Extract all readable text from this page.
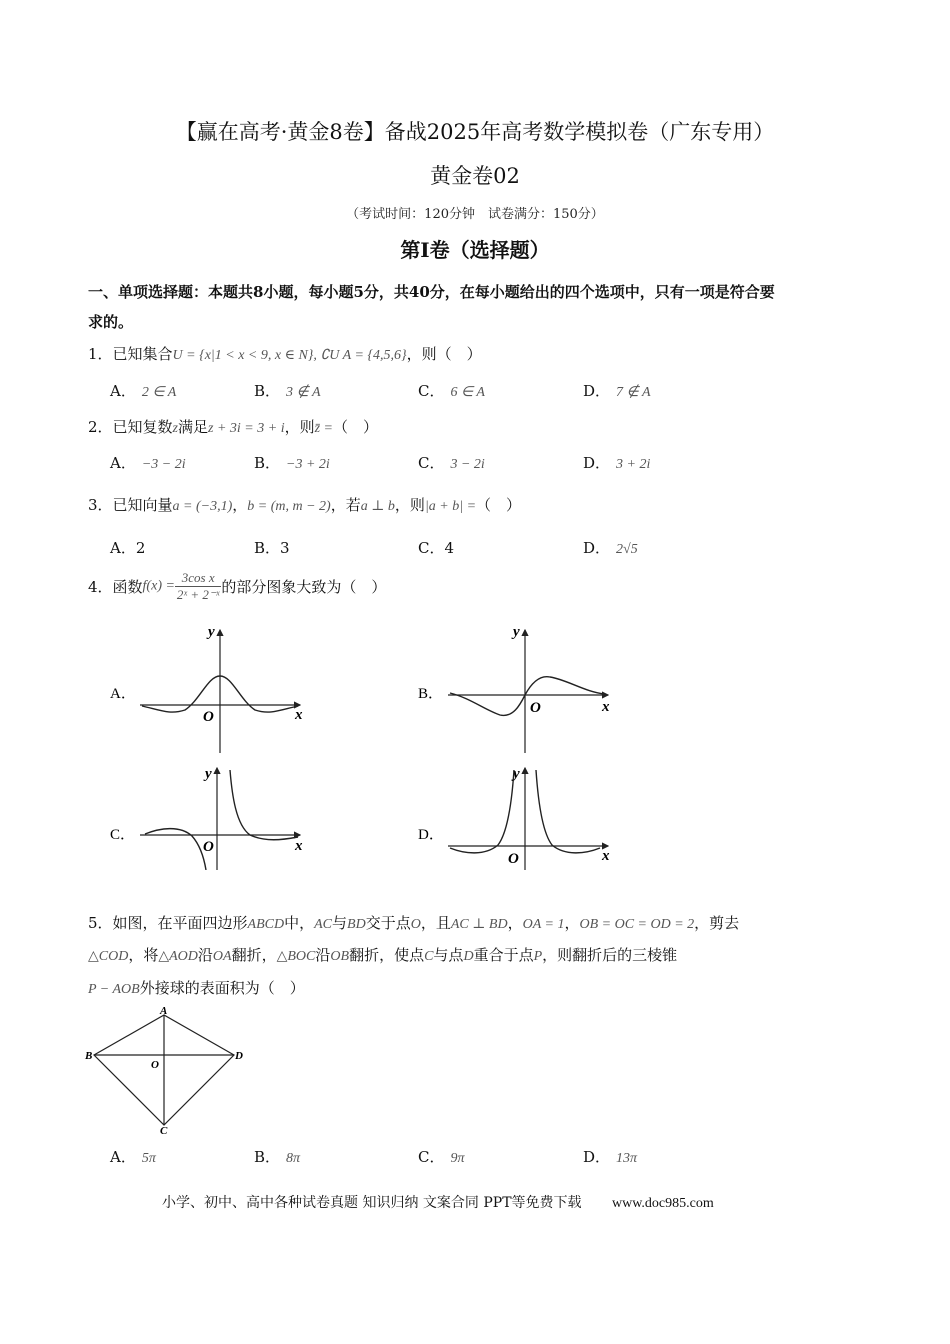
【赢在高考·黄金8卷】备战2025年高考数学模拟卷（广东专用）
黄金卷02
（考试时间：120分钟　试卷满分：150分）
第I卷（选择题）
一、单项选择题：本题共8小题，每小题5分，共40分，在每小题给出的四个选项中，只有一项是符合要
求的。
1．已知集合U = {x|1 < x < 9, x ∈ N}, ∁U A = {4,5,6}，则（　）
A． 2 ∈ A	B． 3 ∉ A	C． 6 ∈ A	D． 7 ∉ A
2．已知复数z满足z + 3i = 3 + i，则z̄ =（　）
A． −3 − 2i	B． −3 + 2i	C． 3 − 2i	D． 3 + 2i
3．已知向量a = (−3,1)，b = (m, m − 2)，若a ⊥ b，则|a + b| =（　）
A．2	B．3	C．4	D． 2√5
4．函数$f(x) = \frac{\text{3cos x}}{\text{2ˣ + 2⁻ˣ}}$ 的部分图象大致为（　）
A．
x
y
O
B．
x
y
O
C．
x
y
O
D．
x
y
O
5．如图，在平面四边形ABCD中，AC与BD交于点O，且AC ⊥ BD，OA = 1，OB = OC = OD = 2，剪去
△COD，将△AOD沿OA翻折，△BOC沿OB翻折，使点C与点D重合于点P，则翻折后的三棱锥
P − AOB外接球的表面积为（　）
A
B
C
D
O
A． 5π	B． 8π	C． 9π	D． 13π
小学、初中、高中各种试卷真题 知识归纳 文案合同 PPT等免费下载 www.doc985.com
